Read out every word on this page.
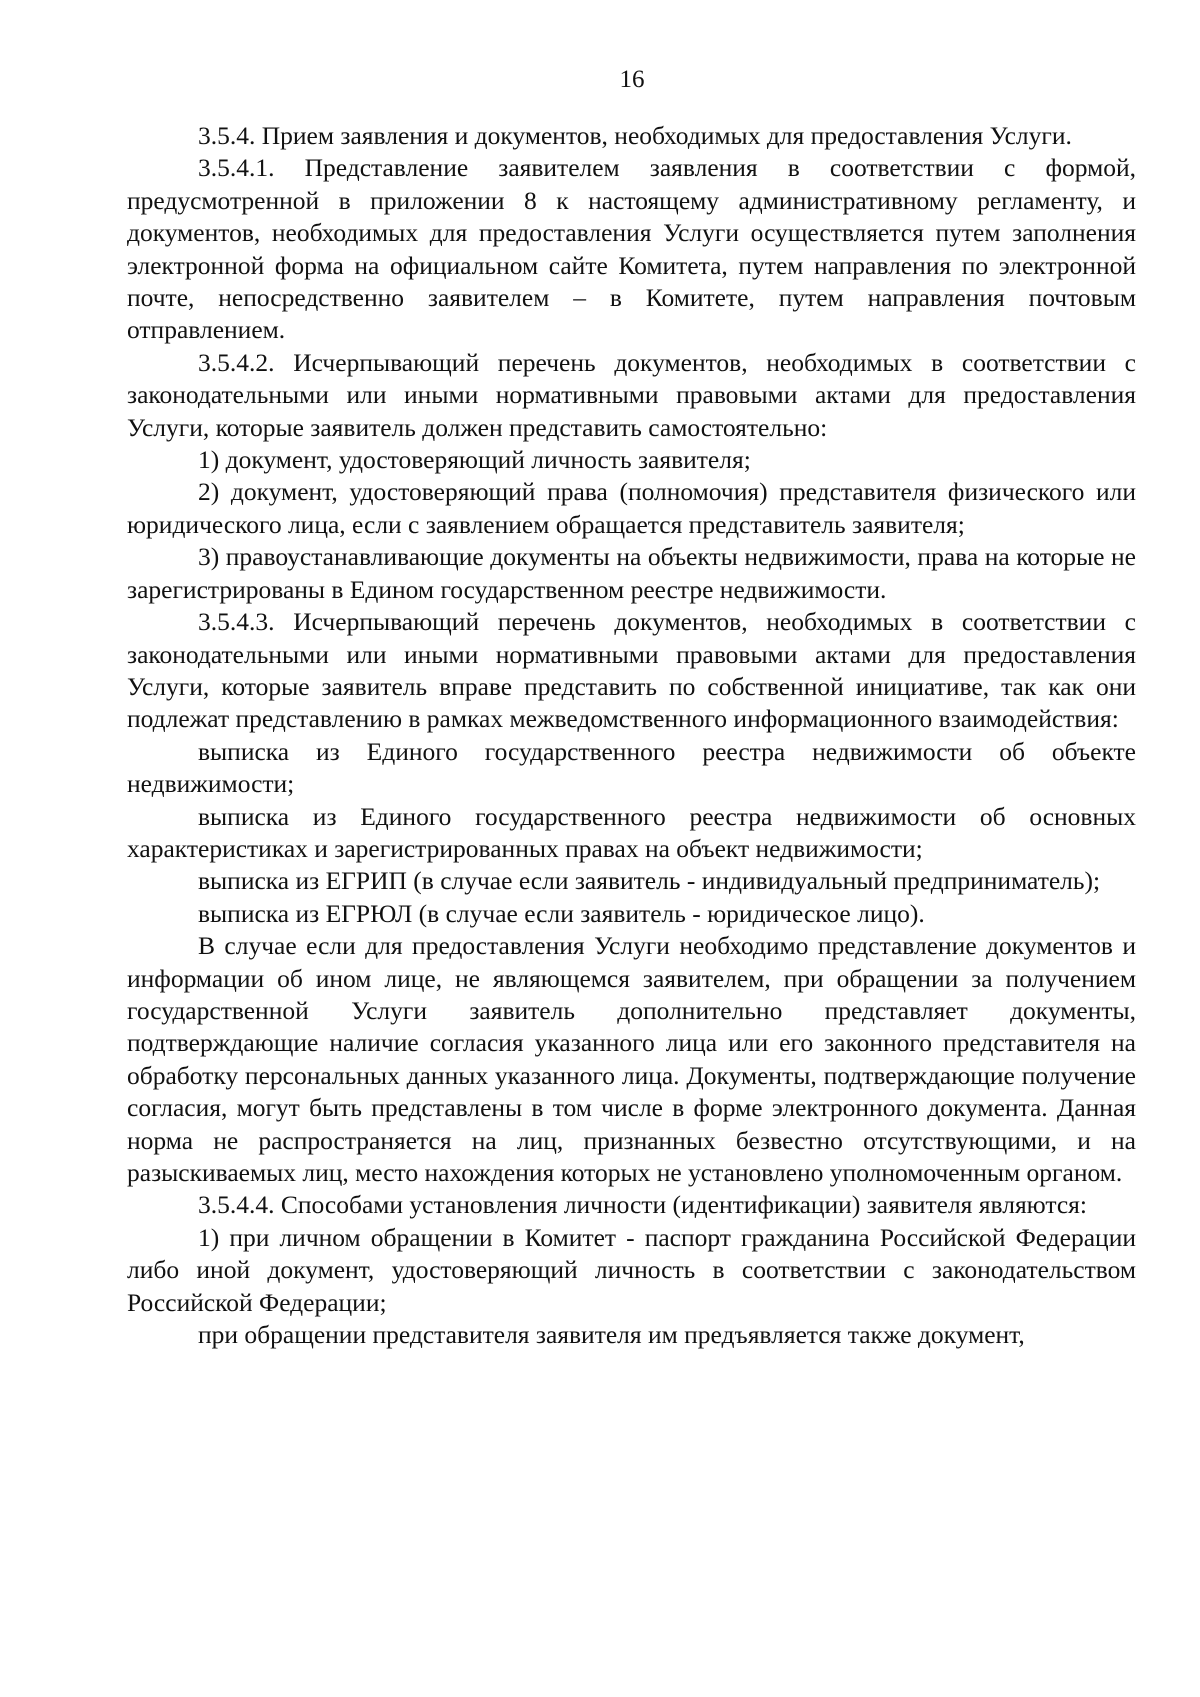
16

3.5.4. Прием заявления и документов, необходимых для предоставления Услуги.

3.5.4.1. Представление заявителем заявления в соответствии с формой, предусмотренной в приложении 8 к настоящему административному регламенту, и документов, необходимых для предоставления Услуги осуществляется путем заполнения электронной форма на официальном сайте Комитета, путем направления по электронной почте, непосредственно заявителем – в Комитете, путем направления почтовым отправлением.

3.5.4.2. Исчерпывающий перечень документов, необходимых в соответствии с законодательными или иными нормативными правовыми актами для предоставления Услуги, которые заявитель должен представить самостоятельно:

1) документ, удостоверяющий личность заявителя;

2) документ, удостоверяющий права (полномочия) представителя физического или юридического лица, если с заявлением обращается представитель заявителя;

3) правоустанавливающие документы на объекты недвижимости, права на которые не зарегистрированы в Едином государственном реестре недвижимости.

3.5.4.3. Исчерпывающий перечень документов, необходимых в соответствии с законодательными или иными нормативными правовыми актами для предоставления Услуги, которые заявитель вправе представить по собственной инициативе, так как они подлежат представлению в рамках межведомственного информационного взаимодействия:

выписка из Единого государственного реестра недвижимости об объекте недвижимости;

выписка из Единого государственного реестра недвижимости об основных характеристиках и зарегистрированных правах на объект недвижимости;

выписка из ЕГРИП (в случае если заявитель - индивидуальный предприниматель);

выписка из ЕГРЮЛ (в случае если заявитель - юридическое лицо).

В случае если для предоставления Услуги необходимо представление документов и информации об ином лице, не являющемся заявителем, при обращении за получением государственной Услуги заявитель дополнительно представляет документы, подтверждающие наличие согласия указанного лица или его законного представителя на обработку персональных данных указанного лица. Документы, подтверждающие получение согласия, могут быть представлены в том числе в форме электронного документа. Данная норма не распространяется на лиц, признанных безвестно отсутствующими, и на разыскиваемых лиц, место нахождения которых не установлено уполномоченным органом.

3.5.4.4. Способами установления личности (идентификации) заявителя являются:

1) при личном обращении в Комитет - паспорт гражданина Российской Федерации либо иной документ, удостоверяющий личность в соответствии с законодательством Российской Федерации;

при обращении представителя заявителя им предъявляется также документ,
